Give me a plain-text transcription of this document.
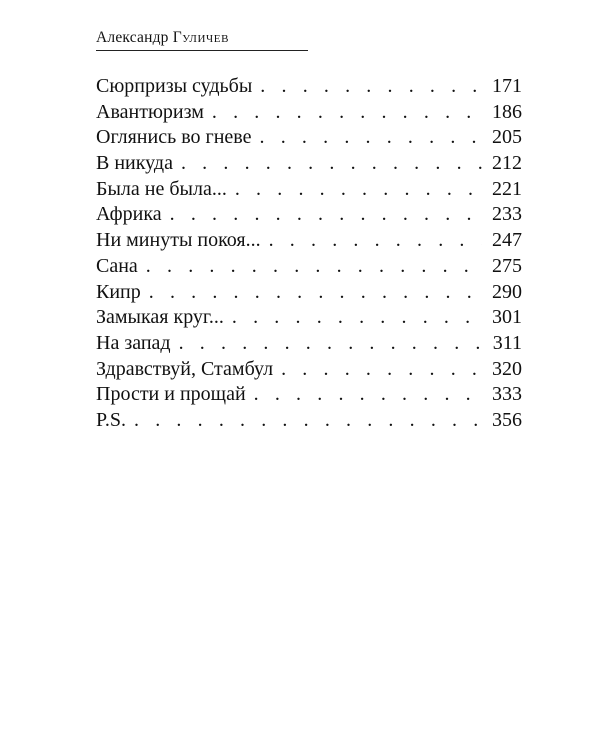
Александр Гуличев
Сюрпризы судьбы . . .	171
Авантюризм . . .	186
Оглянись во гневе . . .	205
В никуда . . .	212
Была не была... . . .	221
Африка . . .	233
Ни минуты покоя... . . .	247
Сана . . .	275
Кипр . . .	290
Замыкая круг... . . .	301
На запад . . .	311
Здравствуй, Стамбул . . .	320
Прости и прощай . . .	333
P.S. . . .	356
